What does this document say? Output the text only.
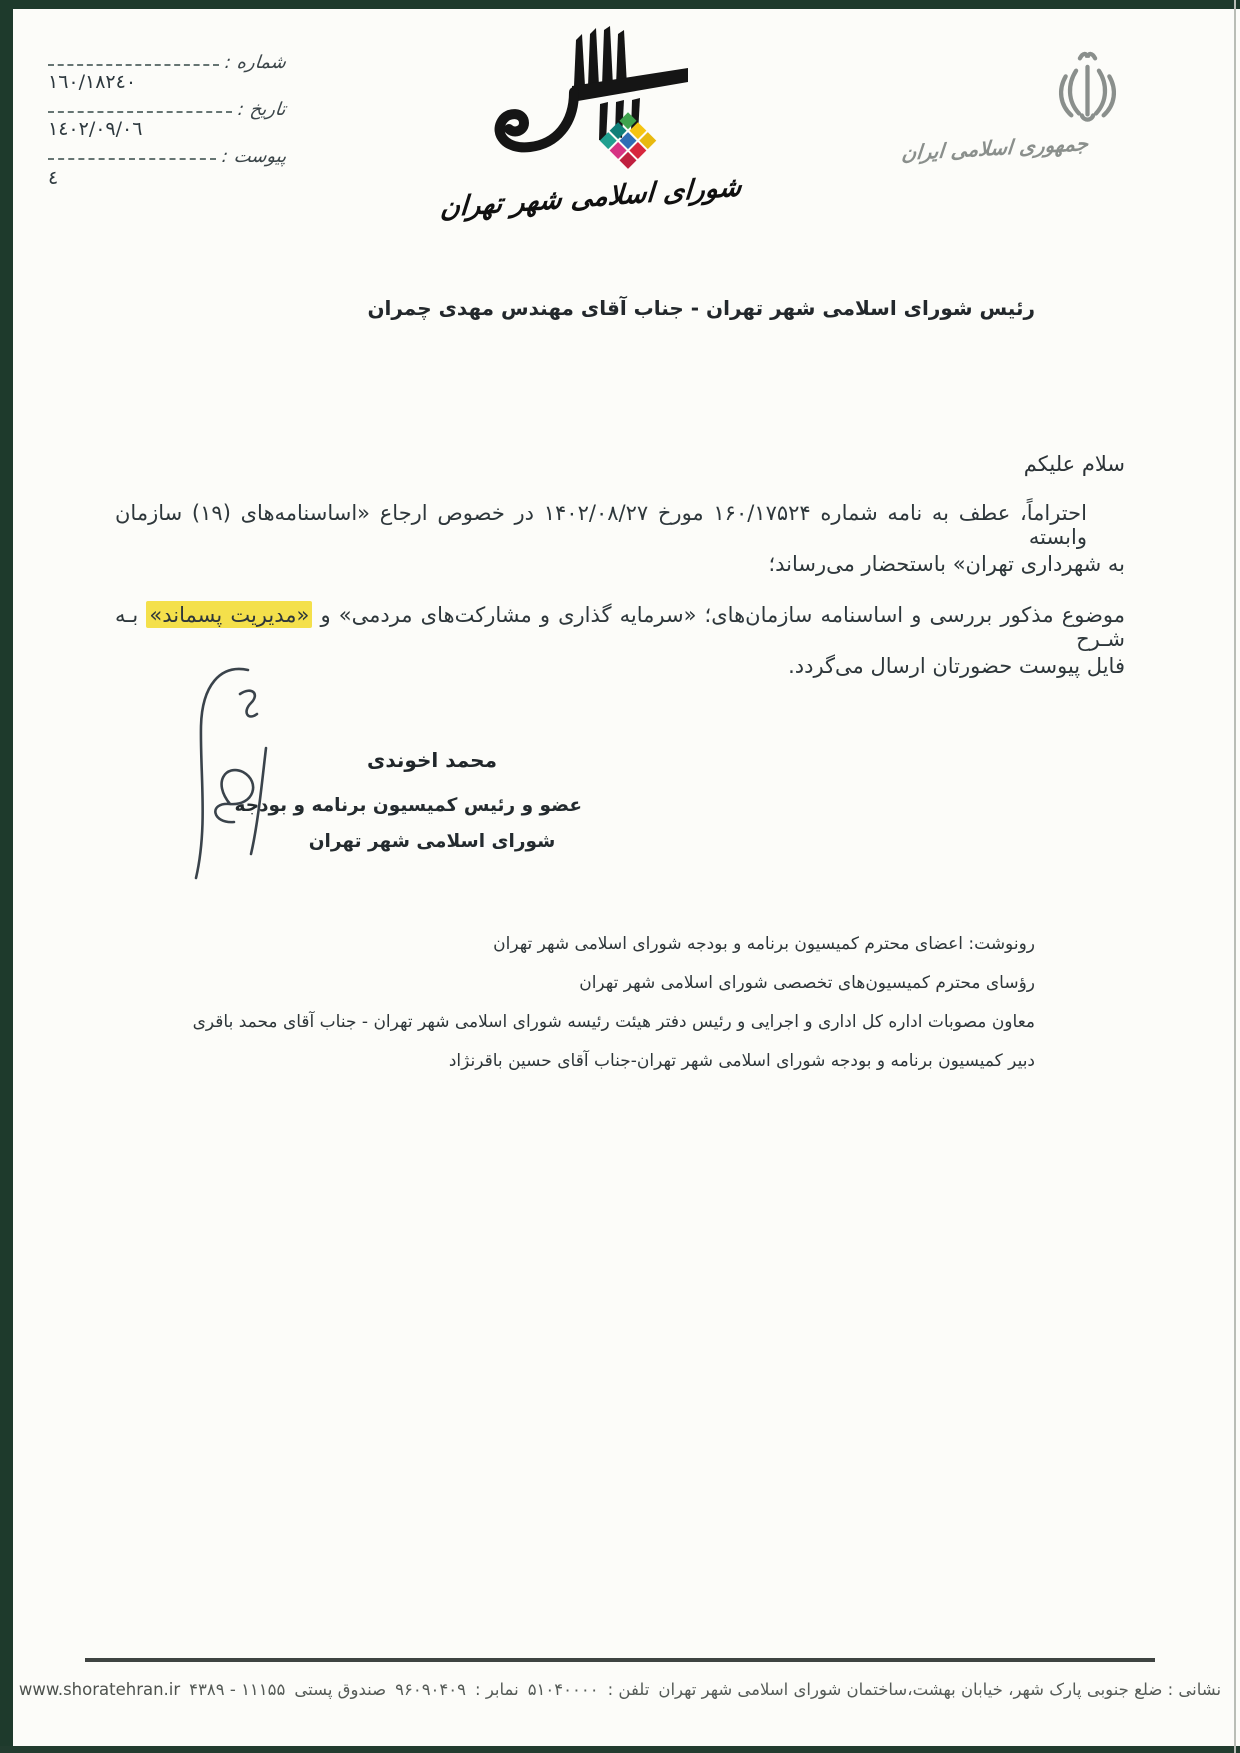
شماره :
١٦٠/١٨٢٤٠
تاريخ :
١٤٠٢/٠٩/٠٦
پيوست :
٤	شورای اسلامی شهر تهران
جمهوری اسلامی ایران
رئیس شورای اسلامی شهر تهران - جناب آقای مهندس مهدی چمران
سلام علیکم
احتراماً، عطف به نامه شماره ۱۶۰/۱۷۵۲۴ مورخ ۱۴۰۲/۰۸/۲۷ در خصوص ارجاع «اساسنامه‌های (۱۹) سازمان وابسته
به شهرداری تهران» باستحضار می‌رساند؛
موضوع مذکور بررسی و اساسنامه سازمان‌های؛ «سرمایه گذاری و مشارکت‌های مردمی» و «مدیریت پسماند» بـه شـرح
فایل پیوست حضورتان ارسال می‌گردد.
محمد اخوندی
عضو و رئیس کمیسیون برنامه و بودجه
شورای اسلامی شهر تهران
رونوشت: اعضای محترم کمیسیون برنامه و بودجه شورای اسلامی شهر تهران
رؤسای محترم کمیسیون‌های تخصصی شورای اسلامی شهر تهران
معاون مصوبات اداره کل اداری و اجرایی و رئیس دفتر هیئت رئیسه شورای اسلامی شهر تهران - جناب آقای محمد باقری
دبیر کمیسیون برنامه و بودجه شورای اسلامی شهر تهران-جناب آقای حسین باقرنژاد
نشانی : ضلع جنوبی پارک شهر، خیابان بهشت،ساختمان شورای اسلامی شهر تهران
تلفن :
۵۱۰۴۰۰۰۰
نمابر :
۹۶۰۹۰۴۰۹
صندوق پستی
۴۳۸۹ - ۱۱۱۵۵
www.shoratehran.ir
